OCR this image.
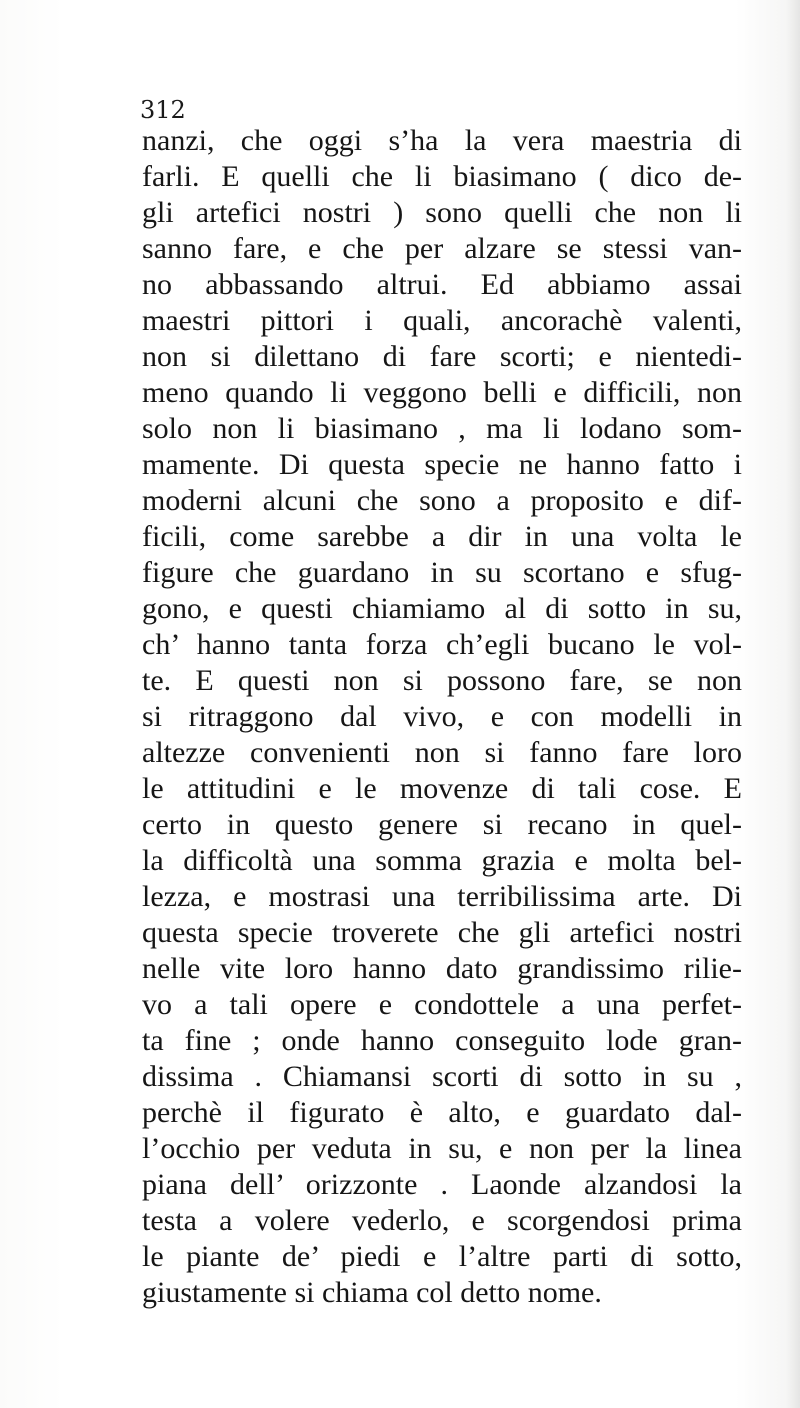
312
nanzi, che oggi s’ha la vera maestria di
farli. E quelli che li biasimano ( dico de-
gli artefici nostri ) sono quelli che non li
sanno fare, e che per alzare se stessi van-
no abbassando altrui. Ed abbiamo assai
maestri pittori i quali, ancorachè valenti,
non si dilettano di fare scorti; e nientedi-
meno quando li veggono belli e difficili, non
solo non li biasimano , ma li lodano som-
mamente. Di questa specie ne hanno fatto i
moderni alcuni che sono a proposito e dif-
ficili, come sarebbe a dir in una volta le
figure che guardano in su scortano e sfug-
gono, e questi chiamiamo al di sotto in su,
ch’ hanno tanta forza ch’egli bucano le vol-
te. E questi non si possono fare, se non
si ritraggono dal vivo, e con modelli in
altezze convenienti non si fanno fare loro
le attitudini e le movenze di tali cose. E
certo in questo genere si recano in quel-
la difficoltà una somma grazia e molta bel-
lezza, e mostrasi una terribilissima arte. Di
questa specie troverete che gli artefici nostri
nelle vite loro hanno dato grandissimo rilie-
vo a tali opere e condottele a una perfet-
ta fine ; onde hanno conseguito lode gran-
dissima . Chiamansi scorti di sotto in su ,
perchè il figurato è alto, e guardato dal-
l’occhio per veduta in su, e non per la linea
piana dell’ orizzonte . Laonde alzandosi la
testa a volere vederlo, e scorgendosi prima
le piante de’ piedi e l’altre parti di sotto,
giustamente si chiama col detto nome.
